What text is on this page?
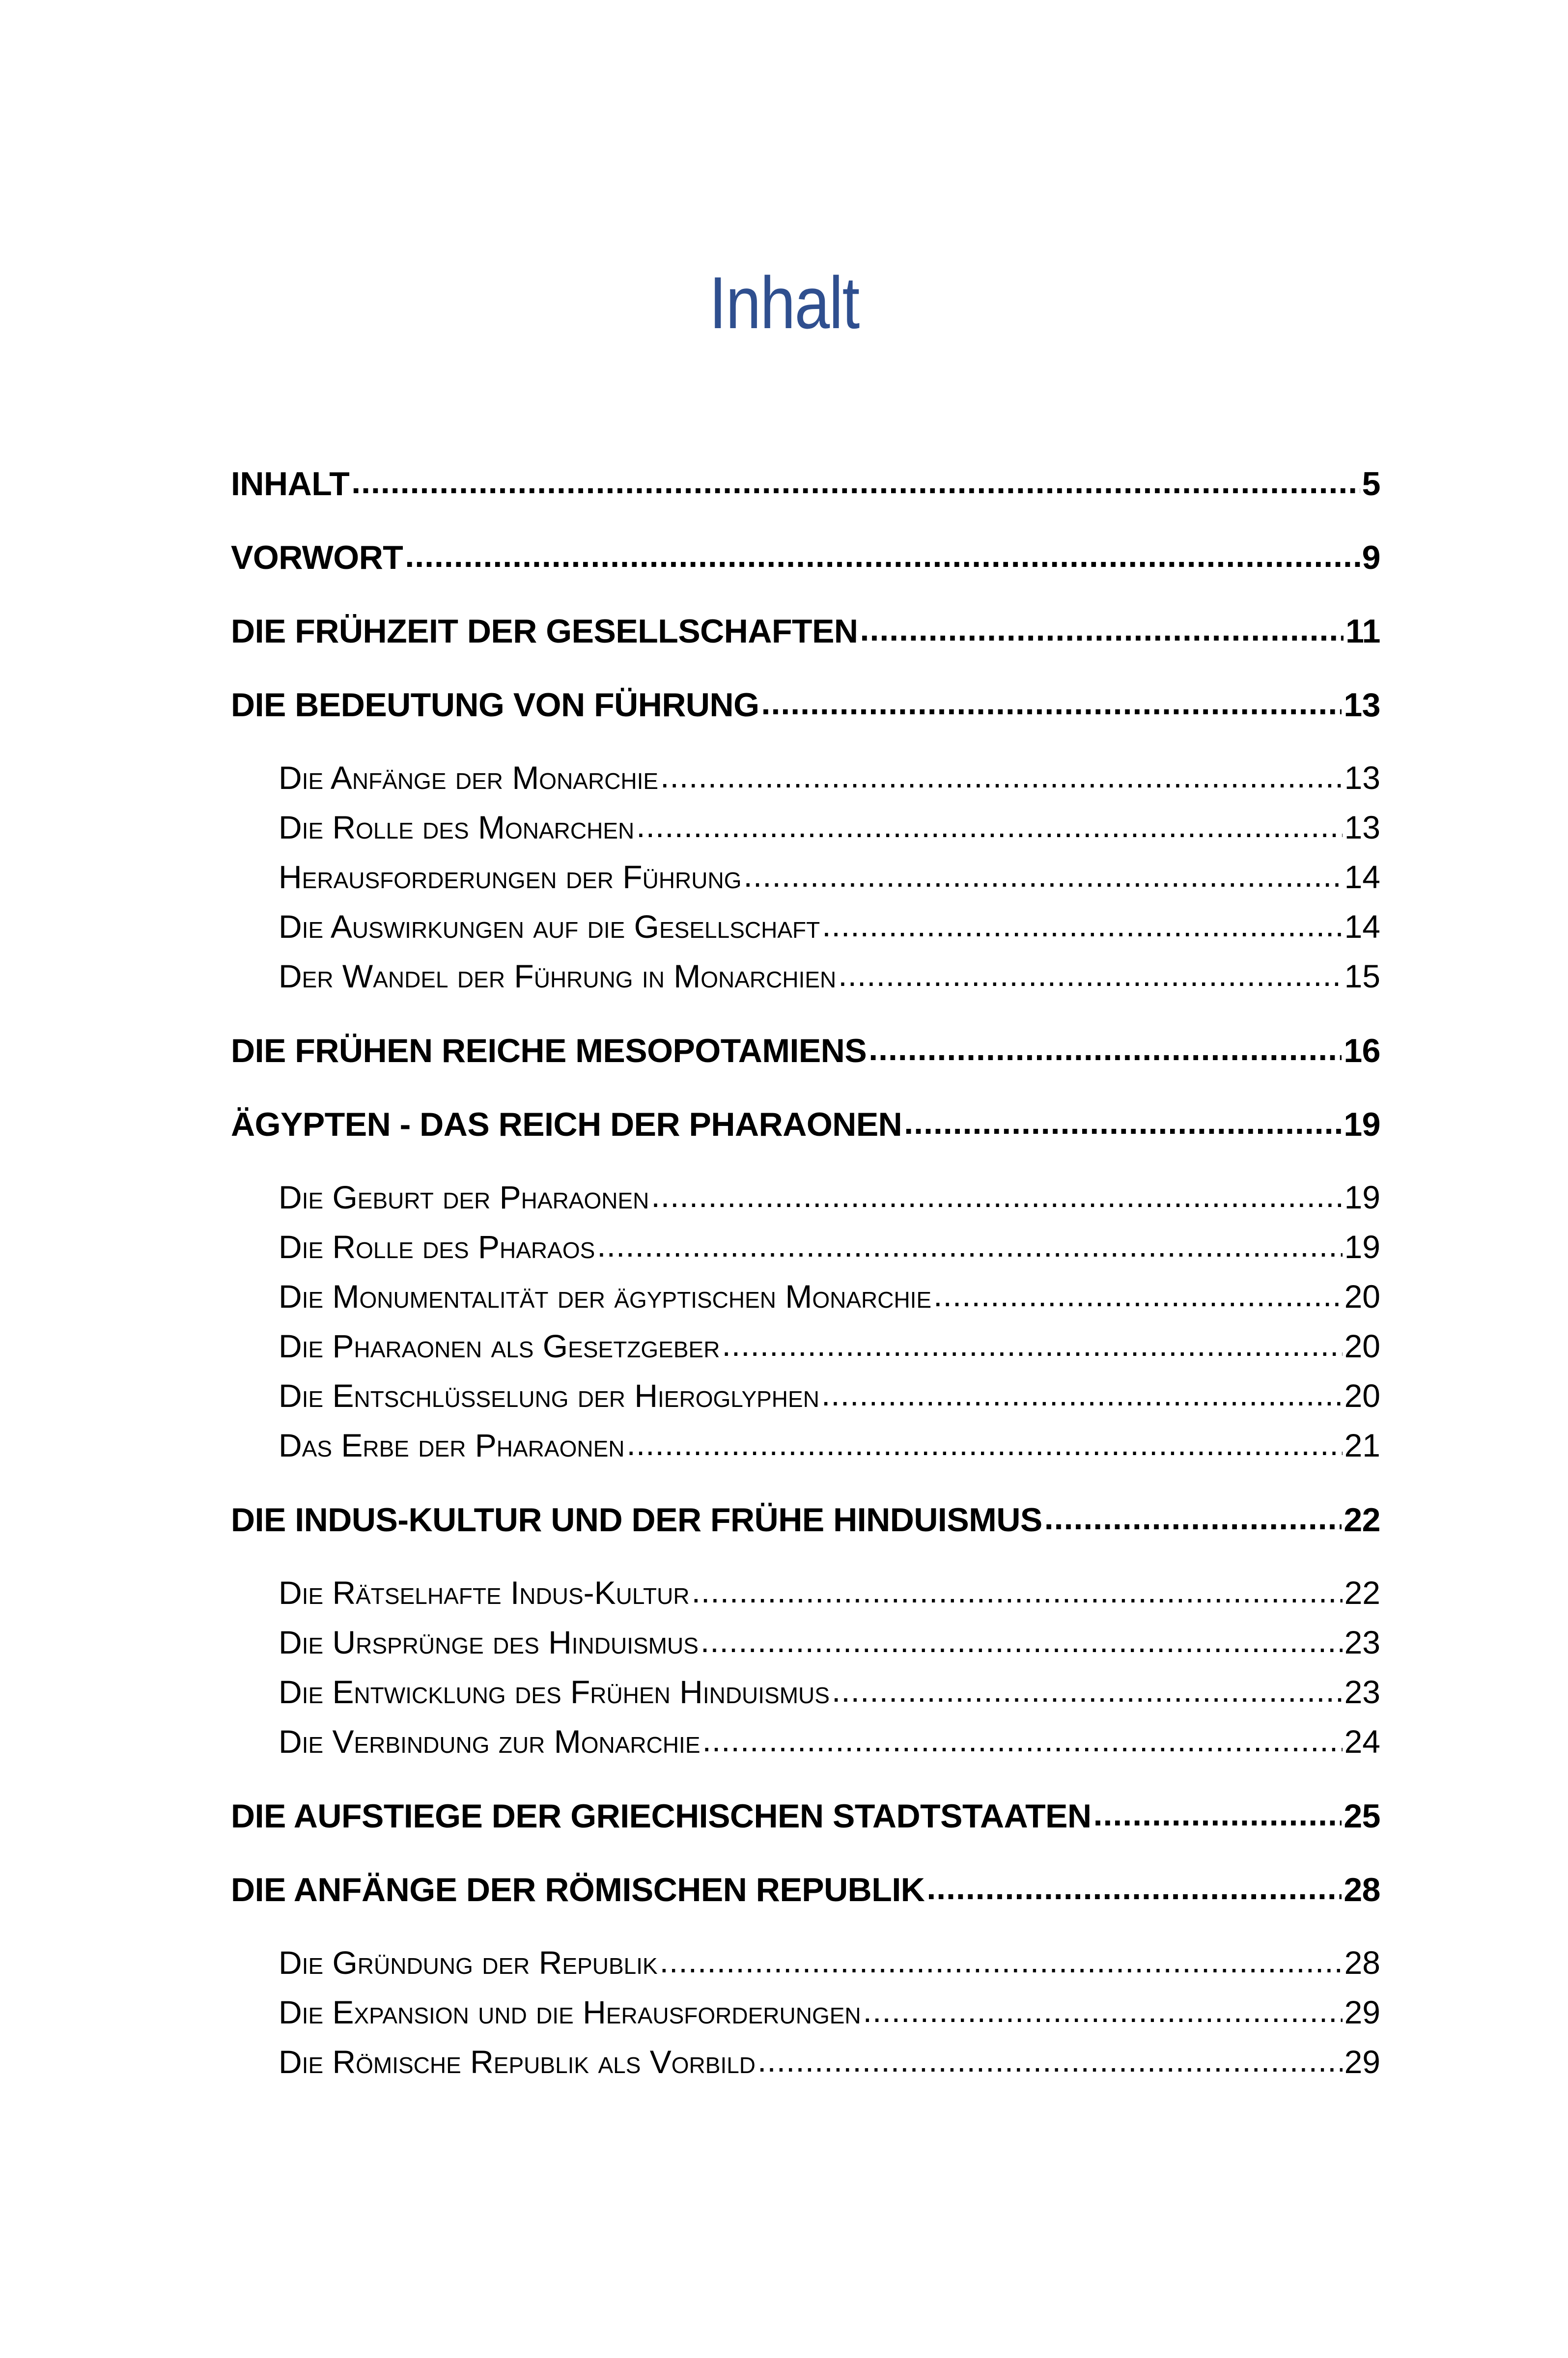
Inhalt
INHALT .....	5
VORWORT .....	9
DIE FRÜHZEIT DER GESELLSCHAFTEN .....	11
DIE BEDEUTUNG VON FÜHRUNG .....	13
Die Anfänge der Monarchie .....	13
Die Rolle des Monarchen .....	13
Herausforderungen der Führung .....	14
Die Auswirkungen auf die Gesellschaft .....	14
Der Wandel der Führung in Monarchien .....	15
DIE FRÜHEN REICHE MESOPOTAMIENS .....	16
ÄGYPTEN - DAS REICH DER PHARAONEN .....	19
Die Geburt der Pharaonen .....	19
Die Rolle des Pharaos .....	19
Die Monumentalität der ägyptischen Monarchie .....	20
Die Pharaonen als Gesetzgeber .....	20
Die Entschlüsselung der Hieroglyphen .....	20
Das Erbe der Pharaonen .....	21
DIE INDUS-KULTUR UND DER FRÜHE HINDUISMUS .....	22
Die Rätselhafte Indus-Kultur .....	22
Die Ursprünge des Hinduismus .....	23
Die Entwicklung des Frühen Hinduismus .....	23
Die Verbindung zur Monarchie .....	24
DIE AUFSTIEGE DER GRIECHISCHEN STADTSTAATEN .....	25
DIE ANFÄNGE DER RÖMISCHEN REPUBLIK .....	28
Die Gründung der Republik .....	28
Die Expansion und die Herausforderungen .....	29
Die Römische Republik als Vorbild .....	29
